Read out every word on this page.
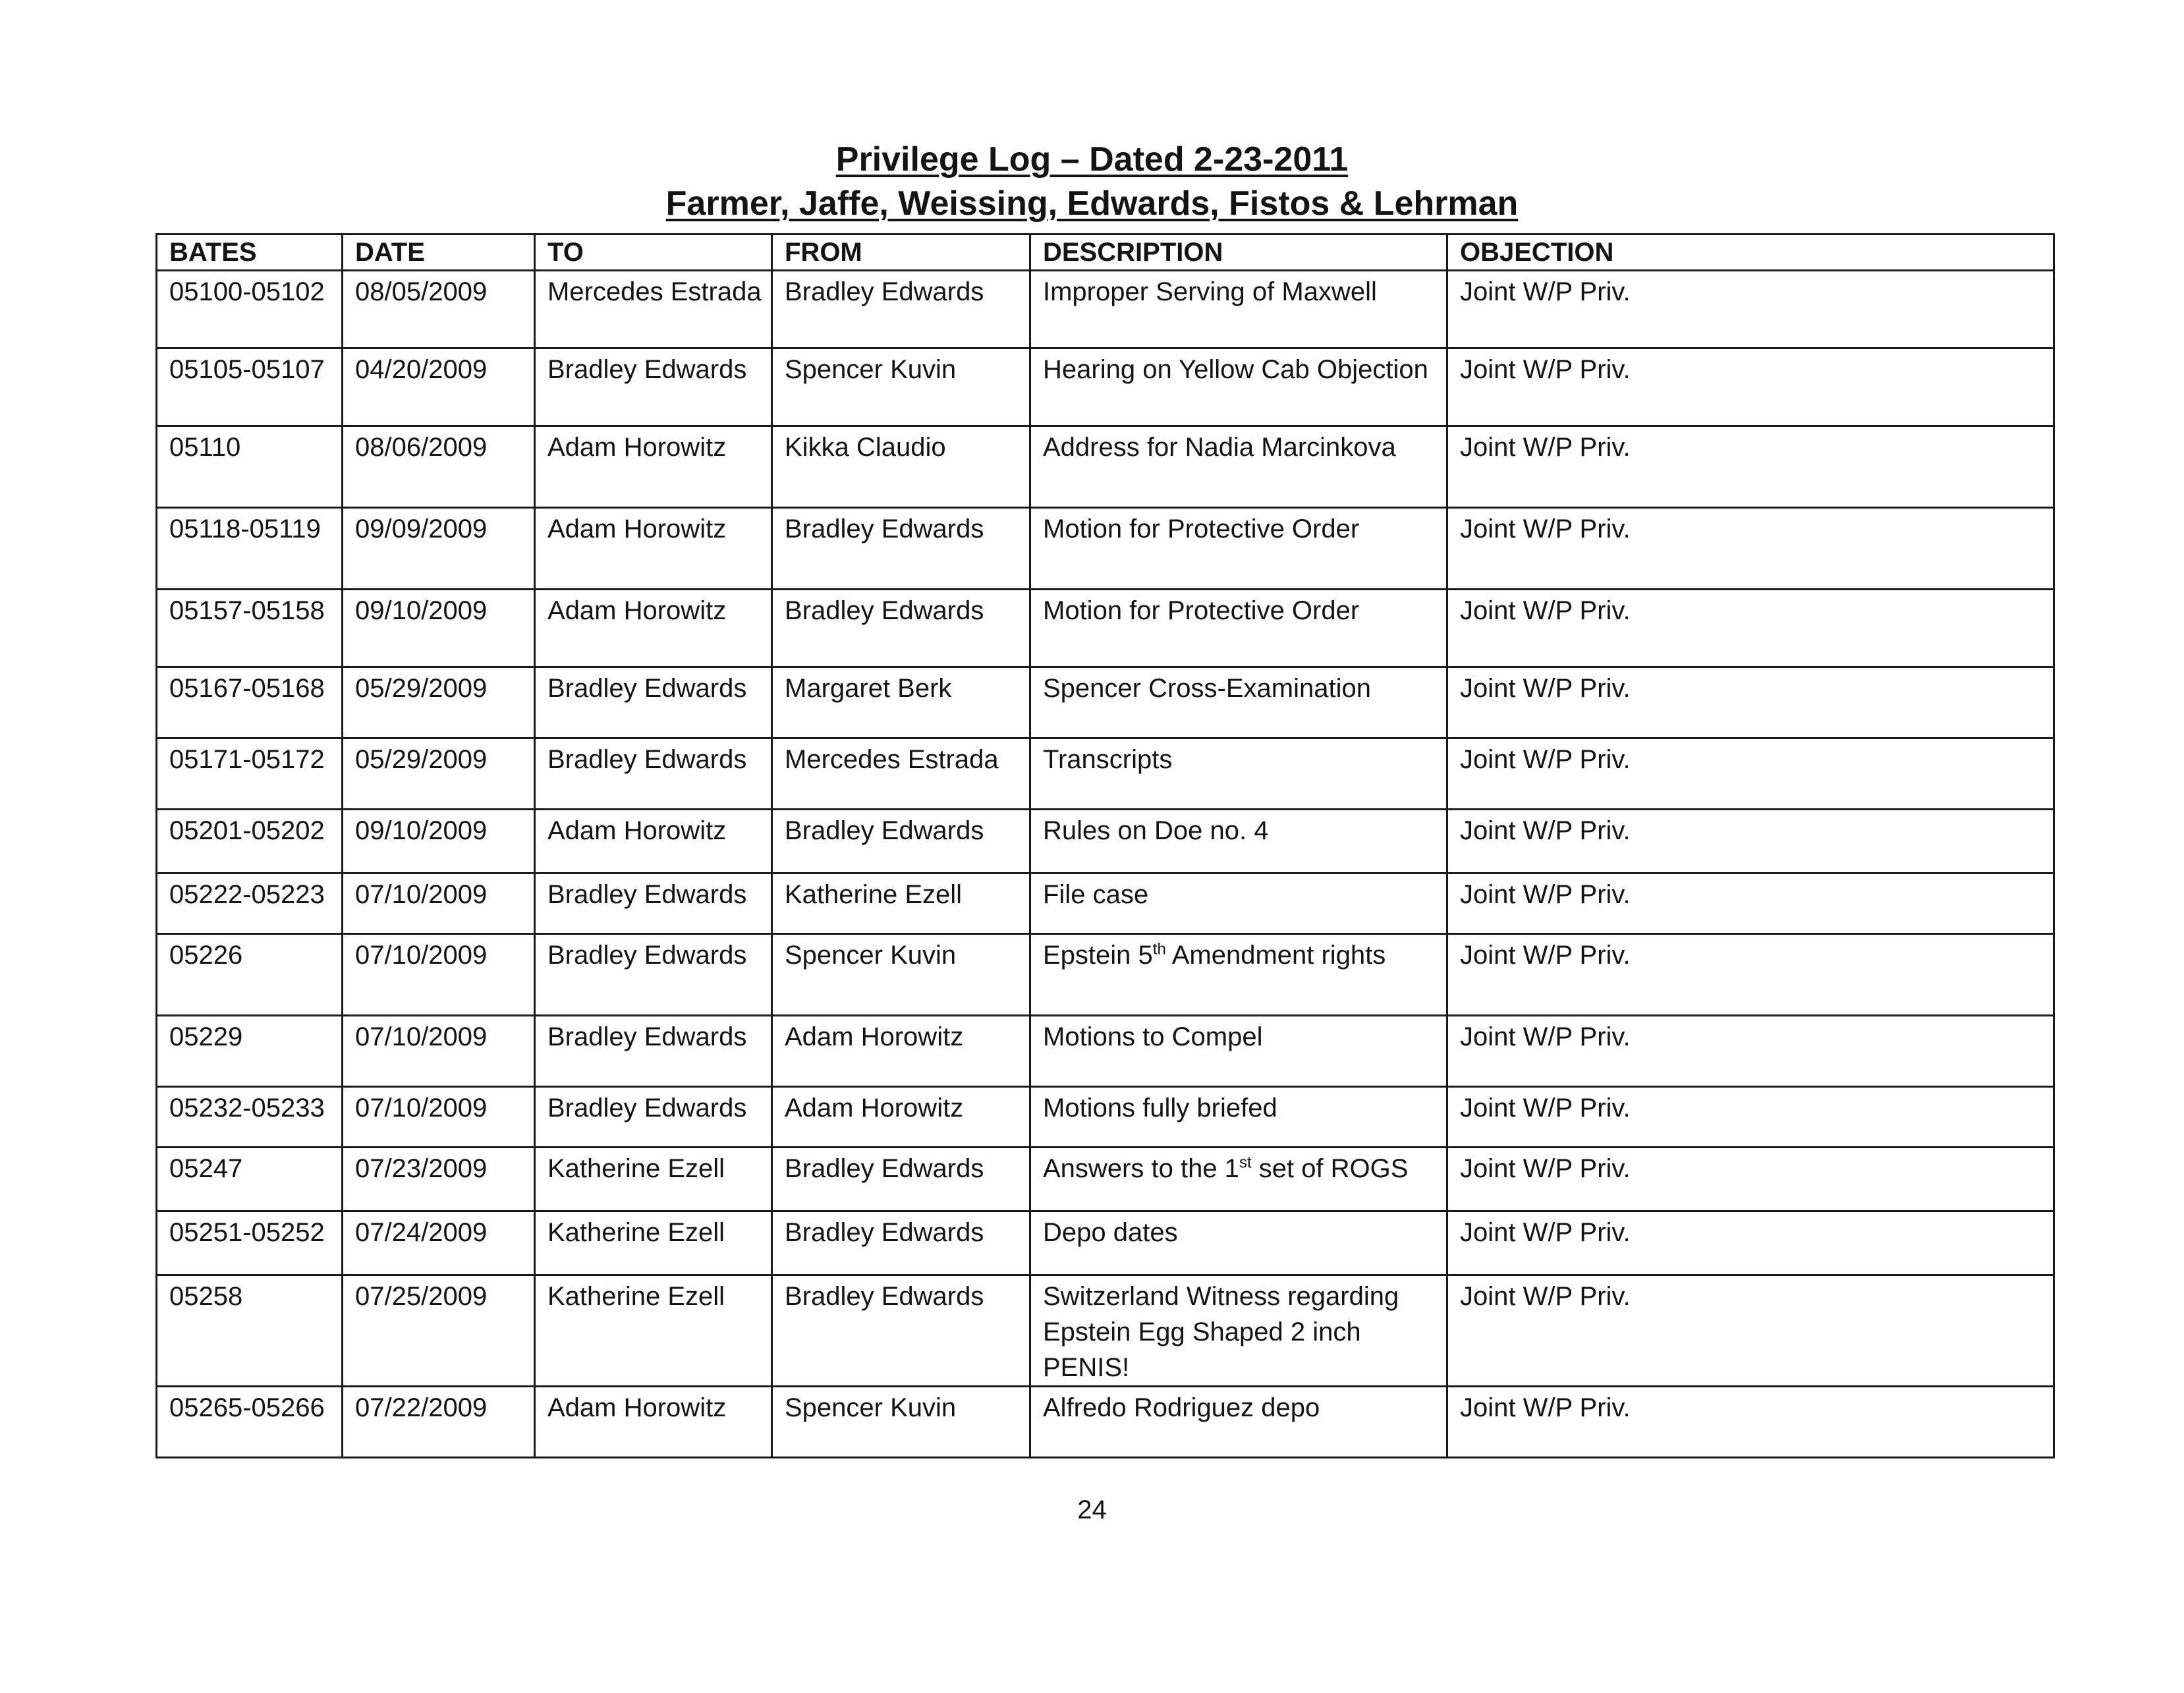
Privilege Log – Dated 2-23-2011
Farmer, Jaffe, Weissing, Edwards, Fistos & Lehrman
BATES	DATE	TO	FROM	DESCRIPTION	OBJECTION
05100-05102	08/05/2009	Mercedes Estrada	Bradley Edwards	Improper Serving of Maxwell	Joint W/P Priv.
05105-05107	04/20/2009	Bradley Edwards	Spencer Kuvin	Hearing on Yellow Cab Objection	Joint W/P Priv.
05110	08/06/2009	Adam Horowitz	Kikka Claudio	Address for Nadia Marcinkova	Joint W/P Priv.
05118-05119	09/09/2009	Adam Horowitz	Bradley Edwards	Motion for Protective Order	Joint W/P Priv.
05157-05158	09/10/2009	Adam Horowitz	Bradley Edwards	Motion for Protective Order	Joint W/P Priv.
05167-05168	05/29/2009	Bradley Edwards	Margaret Berk	Spencer Cross-Examination	Joint W/P Priv.
05171-05172	05/29/2009	Bradley Edwards	Mercedes Estrada	Transcripts	Joint W/P Priv.
05201-05202	09/10/2009	Adam Horowitz	Bradley Edwards	Rules on Doe no. 4	Joint W/P Priv.
05222-05223	07/10/2009	Bradley Edwards	Katherine Ezell	File case	Joint W/P Priv.
05226	07/10/2009	Bradley Edwards	Spencer Kuvin	Epstein 5th Amendment rights	Joint W/P Priv.
05229	07/10/2009	Bradley Edwards	Adam Horowitz	Motions to Compel	Joint W/P Priv.
05232-05233	07/10/2009	Bradley Edwards	Adam Horowitz	Motions fully briefed	Joint W/P Priv.
05247	07/23/2009	Katherine Ezell	Bradley Edwards	Answers to the 1st set of ROGS	Joint W/P Priv.
05251-05252	07/24/2009	Katherine Ezell	Bradley Edwards	Depo dates	Joint W/P Priv.
05258	07/25/2009	Katherine Ezell	Bradley Edwards	Switzerland Witness regarding Epstein Egg Shaped 2 inch PENIS!	Joint W/P Priv.
05265-05266	07/22/2009	Adam Horowitz	Spencer Kuvin	Alfredo Rodriguez depo	Joint W/P Priv.
24
